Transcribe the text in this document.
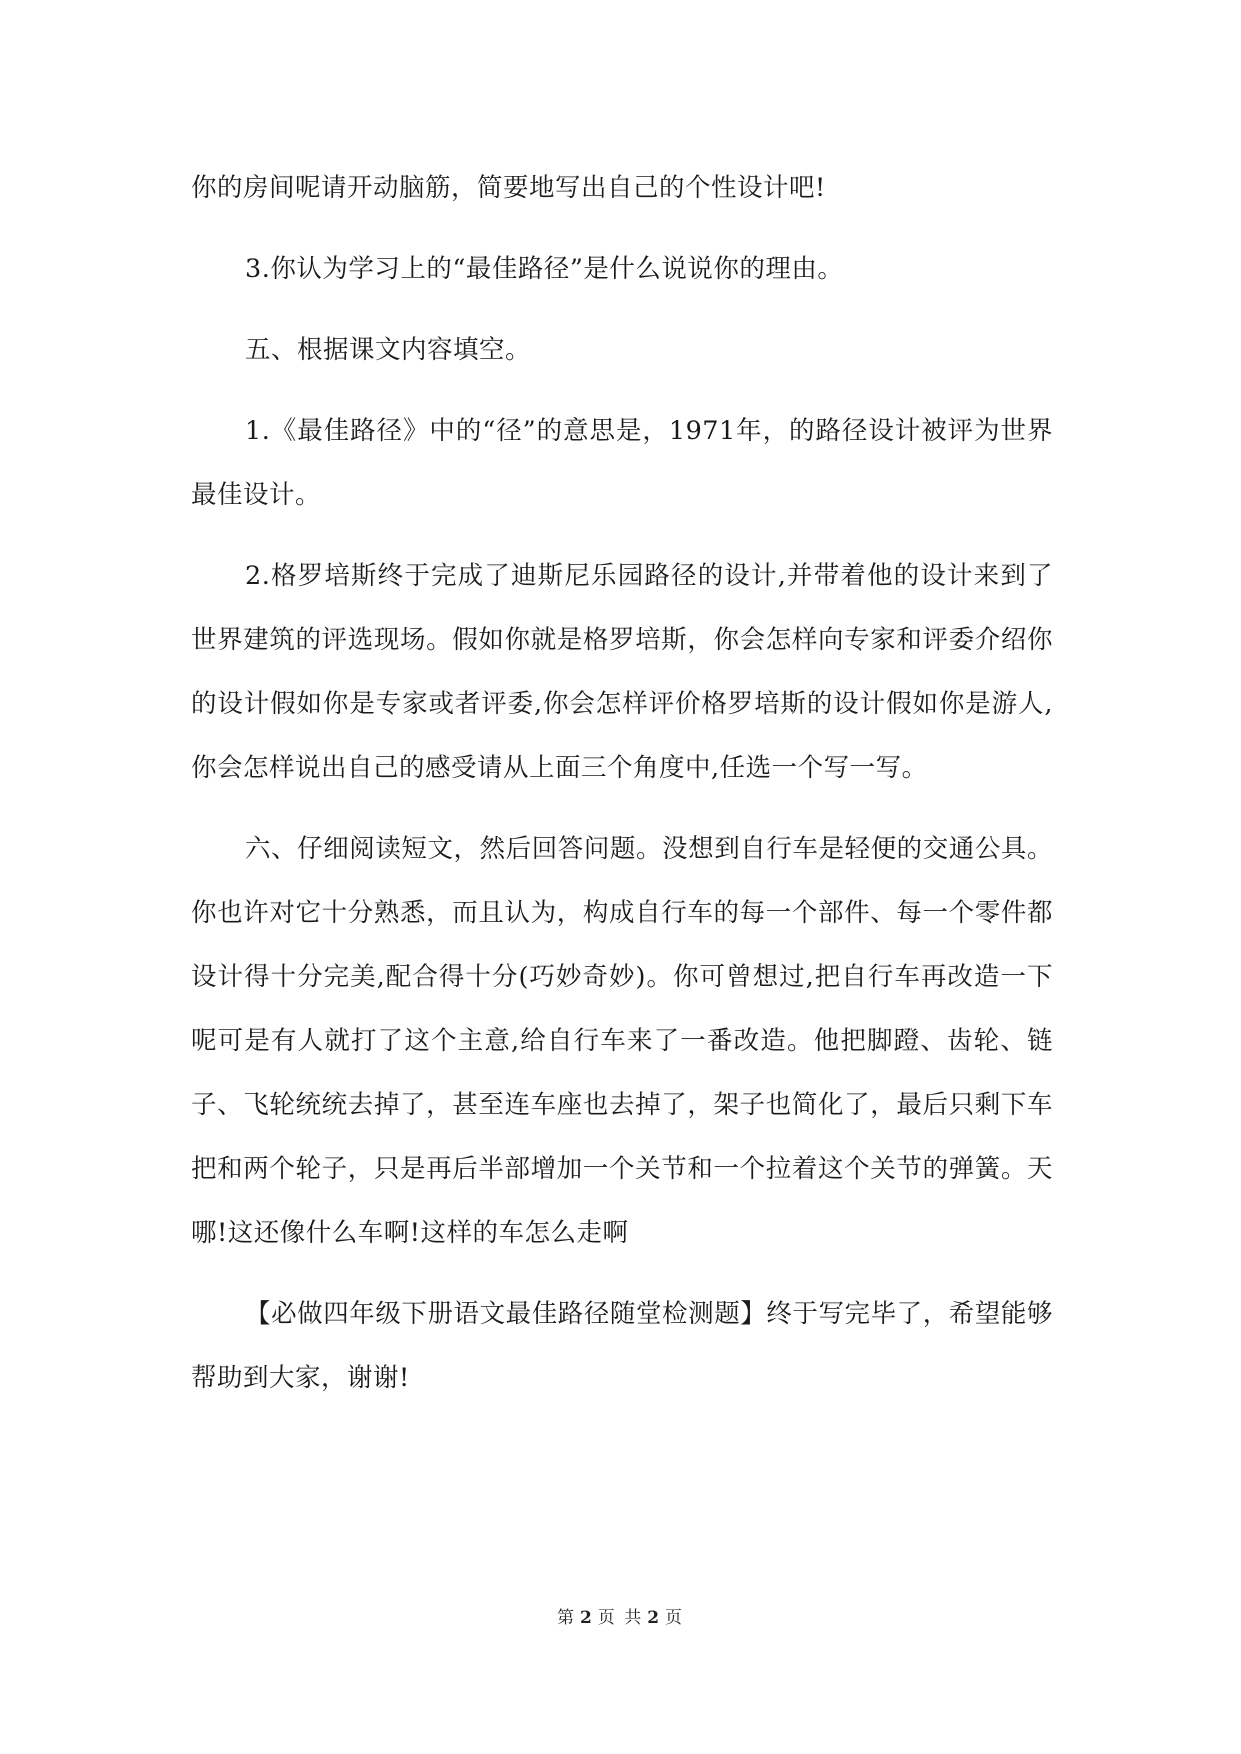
你的房间呢请开动脑筋，简要地写出自己的个性设计吧!

3.你认为学习上的“最佳路径”是什么说说你的理由。

五、根据课文内容填空。

1.《最佳路径》中的“径”的意思是，1971年，的路径设计被评为世界最佳设计。

2.格罗培斯终于完成了迪斯尼乐园路径的设计,并带着他的设计来到了世界建筑的评选现场。假如你就是格罗培斯，你会怎样向专家和评委介绍你的设计假如你是专家或者评委,你会怎样评价格罗培斯的设计假如你是游人,你会怎样说出自己的感受请从上面三个角度中,任选一个写一写。

六、仔细阅读短文，然后回答问题。没想到自行车是轻便的交通公具。你也许对它十分熟悉，而且认为，构成自行车的每一个部件、每一个零件都设计得十分完美,配合得十分(巧妙奇妙)。你可曾想过,把自行车再改造一下呢可是有人就打了这个主意,给自行车来了一番改造。他把脚蹬、齿轮、链子、飞轮统统去掉了，甚至连车座也去掉了，架子也简化了，最后只剩下车把和两个轮子，只是再后半部增加一个关节和一个拉着这个关节的弹簧。天哪!这还像什么车啊!这样的车怎么走啊

【必做四年级下册语文最佳路径随堂检测题】终于写完毕了，希望能够帮助到大家，谢谢!

第 2 页 共 2 页
